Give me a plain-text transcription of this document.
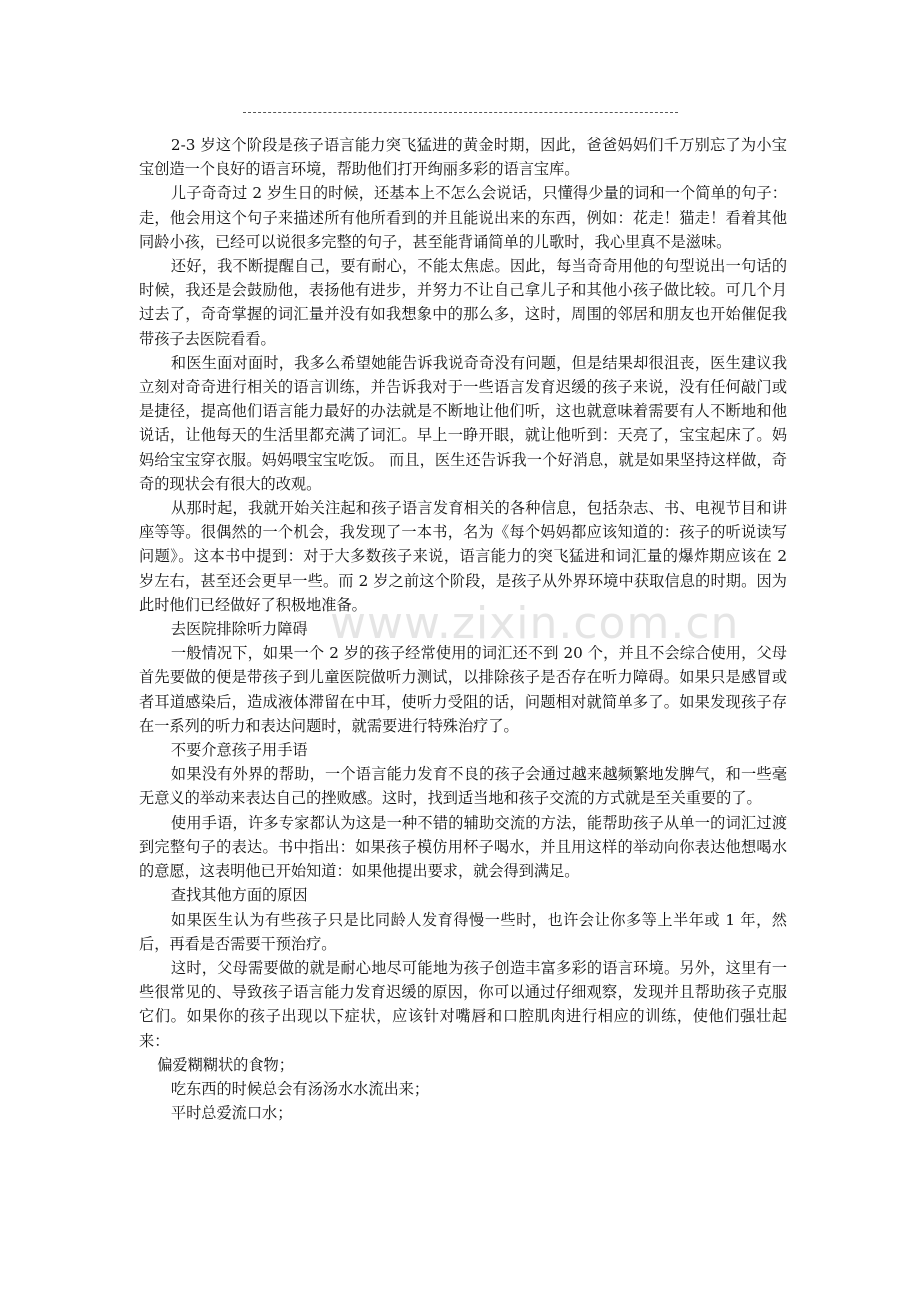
www.zixin.com.cn

2-3 岁这个阶段是孩子语言能力突飞猛进的黄金时期，因此，爸爸妈妈们千万别忘了为小宝宝创造一个良好的语言环境，帮助他们打开绚丽多彩的语言宝库。

儿子奇奇过 2 岁生日的时候，还基本上不怎么会说话，只懂得少量的词和一个简单的句子：走，他会用这个句子来描述所有他所看到的并且能说出来的东西，例如：花走！猫走！看着其他同龄小孩，已经可以说很多完整的句子，甚至能背诵简单的儿歌时，我心里真不是滋味。

还好，我不断提醒自己，要有耐心，不能太焦虑。因此，每当奇奇用他的句型说出一句话的时候，我还是会鼓励他，表扬他有进步，并努力不让自己拿儿子和其他小孩子做比较。可几个月过去了，奇奇掌握的词汇量并没有如我想象中的那么多，这时，周围的邻居和朋友也开始催促我带孩子去医院看看。

和医生面对面时，我多么希望她能告诉我说奇奇没有问题，但是结果却很沮丧，医生建议我立刻对奇奇进行相关的语言训练，并告诉我对于一些语言发育迟缓的孩子来说，没有任何敲门或是捷径，提高他们语言能力最好的办法就是不断地让他们听，这也就意味着需要有人不断地和他说话，让他每天的生活里都充满了词汇。早上一睁开眼，就让他听到：天亮了，宝宝起床了。妈妈给宝宝穿衣服。妈妈喂宝宝吃饭。 而且，医生还告诉我一个好消息，就是如果坚持这样做，奇奇的现状会有很大的改观。

从那时起，我就开始关注起和孩子语言发育相关的各种信息，包括杂志、书、电视节目和讲座等等。很偶然的一个机会，我发现了一本书，名为《每个妈妈都应该知道的：孩子的听说读写问题》。这本书中提到：对于大多数孩子来说，语言能力的突飞猛进和词汇量的爆炸期应该在 2 岁左右，甚至还会更早一些。而 2 岁之前这个阶段，是孩子从外界环境中获取信息的时期。因为此时他们已经做好了积极地准备。

去医院排除听力障碍

一般情况下，如果一个 2 岁的孩子经常使用的词汇还不到 20 个，并且不会综合使用，父母首先要做的便是带孩子到儿童医院做听力测试，以排除孩子是否存在听力障碍。如果只是感冒或者耳道感染后，造成液体滞留在中耳，使听力受阻的话，问题相对就简单多了。如果发现孩子存在一系列的听力和表达问题时，就需要进行特殊治疗了。

不要介意孩子用手语

如果没有外界的帮助，一个语言能力发育不良的孩子会通过越来越频繁地发脾气，和一些毫无意义的举动来表达自己的挫败感。这时，找到适当地和孩子交流的方式就是至关重要的了。

使用手语，许多专家都认为这是一种不错的辅助交流的方法，能帮助孩子从单一的词汇过渡到完整句子的表达。书中指出：如果孩子模仿用杯子喝水，并且用这样的举动向你表达他想喝水的意愿，这表明他已开始知道：如果他提出要求，就会得到满足。

查找其他方面的原因

如果医生认为有些孩子只是比同龄人发育得慢一些时，也许会让你多等上半年或 1 年，然后，再看是否需要干预治疗。

这时，父母需要做的就是耐心地尽可能地为孩子创造丰富多彩的语言环境。另外，这里有一些很常见的、导致孩子语言能力发育迟缓的原因，你可以通过仔细观察，发现并且帮助孩子克服它们。如果你的孩子出现以下症状，应该针对嘴唇和口腔肌肉进行相应的训练，使他们强壮起来：

偏爱糊糊状的食物；

吃东西的时候总会有汤汤水水流出来；

平时总爱流口水；
